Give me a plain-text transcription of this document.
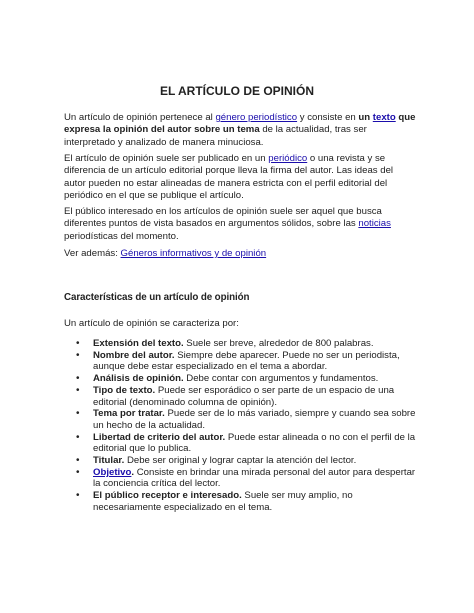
EL ARTÍCULO DE OPINIÓN

Un artículo de opinión pertenece al género periodístico y consiste en un texto que expresa la opinión del autor sobre un tema de la actualidad, tras ser interpretado y analizado de manera minuciosa.

El artículo de opinión suele ser publicado en un periódico o una revista y se diferencia de un artículo editorial porque lleva la firma del autor. Las ideas del autor pueden no estar alineadas de manera estricta con el perfil editorial del periódico en el que se publique el artículo.

El público interesado en los artículos de opinión suele ser aquel que busca diferentes puntos de vista basados en argumentos sólidos, sobre las noticias periodísticas del momento.

Ver además: Géneros informativos y de opinión

Características de un artículo de opinión

Un artículo de opinión se caracteriza por:

• Extensión del texto. Suele ser breve, alrededor de 800 palabras.
• Nombre del autor. Siempre debe aparecer. Puede no ser un periodista, aunque debe estar especializado en el tema a abordar.
• Análisis de opinión. Debe contar con argumentos y fundamentos.
• Tipo de texto. Puede ser esporádico o ser parte de un espacio de una editorial (denominado columna de opinión).
• Tema por tratar. Puede ser de lo más variado, siempre y cuando sea sobre un hecho de la actualidad.
• Libertad de criterio del autor. Puede estar alineada o no con el perfil de la editorial que lo publica.
• Titular. Debe ser original y lograr captar la atención del lector.
• Objetivo. Consiste en brindar una mirada personal del autor para despertar la conciencia crítica del lector.
• El público receptor e interesado. Suele ser muy amplio, no necesariamente especializado en el tema.
